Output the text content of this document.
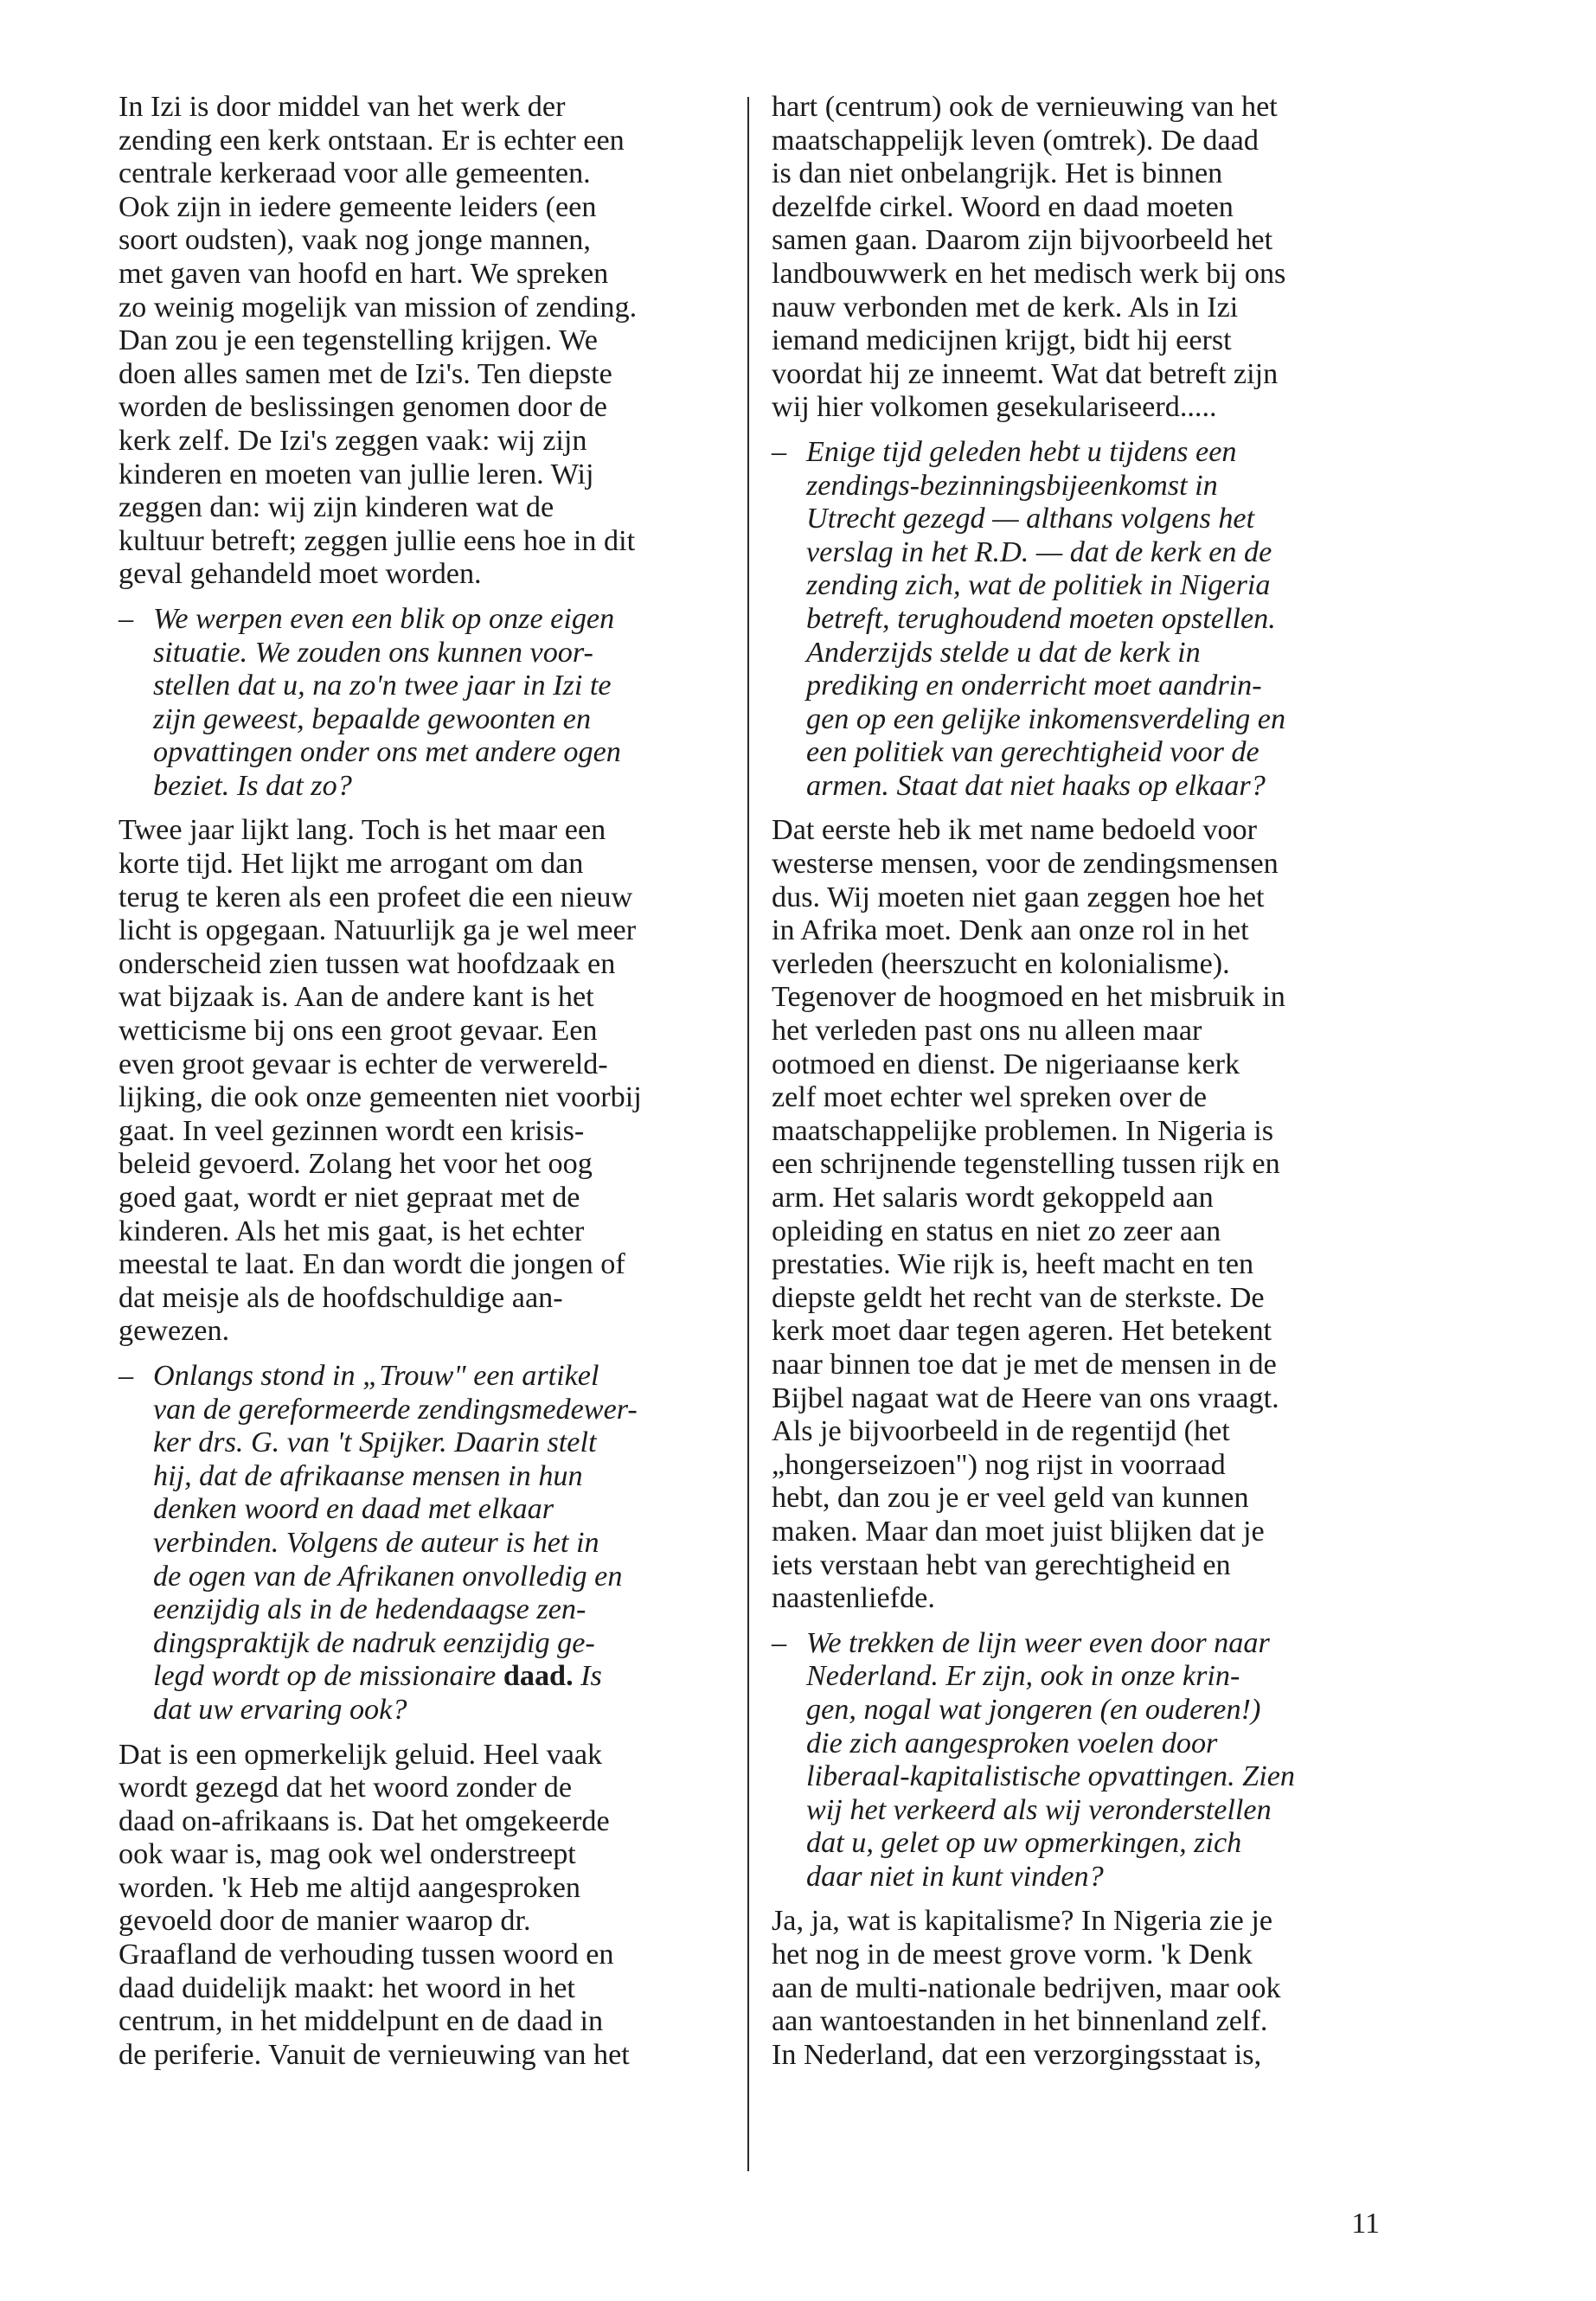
In Izi is door middel van het werk der
zending een kerk ontstaan. Er is echter een
centrale kerkeraad voor alle gemeenten.
Ook zijn in iedere gemeente leiders (een
soort oudsten), vaak nog jonge mannen,
met gaven van hoofd en hart. We spreken
zo weinig mogelijk van mission of zending.
Dan zou je een tegenstelling krijgen. We
doen alles samen met de Izi's. Ten diepste
worden de beslissingen genomen door de
kerk zelf. De Izi's zeggen vaak: wij zijn
kinderen en moeten van jullie leren. Wij
zeggen dan: wij zijn kinderen wat de
kultuur betreft; zeggen jullie eens hoe in dit
geval gehandeld moet worden.

– We werpen even een blik op onze eigen
situatie. We zouden ons kunnen voor-
stellen dat u, na zo'n twee jaar in Izi te
zijn geweest, bepaalde gewoonten en
opvattingen onder ons met andere ogen
beziet. Is dat zo?

Twee jaar lijkt lang. Toch is het maar een
korte tijd. Het lijkt me arrogant om dan
terug te keren als een profeet die een nieuw
licht is opgegaan. Natuurlijk ga je wel meer
onderscheid zien tussen wat hoofdzaak en
wat bijzaak is. Aan de andere kant is het
wetticisme bij ons een groot gevaar. Een
even groot gevaar is echter de verwereld-
lijking, die ook onze gemeenten niet voorbij
gaat. In veel gezinnen wordt een krisis-
beleid gevoerd. Zolang het voor het oog
goed gaat, wordt er niet gepraat met de
kinderen. Als het mis gaat, is het echter
meestal te laat. En dan wordt die jongen of
dat meisje als de hoofdschuldige aan-
gewezen.

– Onlangs stond in „Trouw" een artikel
van de gereformeerde zendingsmedewer-
ker drs. G. van 't Spijker. Daarin stelt
hij, dat de afrikaanse mensen in hun
denken woord en daad met elkaar
verbinden. Volgens de auteur is het in
de ogen van de Afrikanen onvolledig en
eenzijdig als in de hedendaagse zen-
dingspraktijk de nadruk eenzijdig ge-
legd wordt op de missionaire daad. Is
dat uw ervaring ook?

Dat is een opmerkelijk geluid. Heel vaak
wordt gezegd dat het woord zonder de
daad on-afrikaans is. Dat het omgekeerde
ook waar is, mag ook wel onderstreept
worden. 'k Heb me altijd aangesproken
gevoeld door de manier waarop dr.
Graafland de verhouding tussen woord en
daad duidelijk maakt: het woord in het
centrum, in het middelpunt en de daad in
de periferie. Vanuit de vernieuwing van het

hart (centrum) ook de vernieuwing van het
maatschappelijk leven (omtrek). De daad
is dan niet onbelangrijk. Het is binnen
dezelfde cirkel. Woord en daad moeten
samen gaan. Daarom zijn bijvoorbeeld het
landbouwwerk en het medisch werk bij ons
nauw verbonden met de kerk. Als in Izi
iemand medicijnen krijgt, bidt hij eerst
voordat hij ze inneemt. Wat dat betreft zijn
wij hier volkomen gesekulariseerd.....

– Enige tijd geleden hebt u tijdens een
zendings-bezinningsbijeenkomst in
Utrecht gezegd — althans volgens het
verslag in het R.D. — dat de kerk en de
zending zich, wat de politiek in Nigeria
betreft, terughoudend moeten opstellen.
Anderzijds stelde u dat de kerk in
prediking en onderricht moet aandrin-
gen op een gelijke inkomensverdeling en
een politiek van gerechtigheid voor de
armen. Staat dat niet haaks op elkaar?

Dat eerste heb ik met name bedoeld voor
westerse mensen, voor de zendingsmensen
dus. Wij moeten niet gaan zeggen hoe het
in Afrika moet. Denk aan onze rol in het
verleden (heerszucht en kolonialisme).
Tegenover de hoogmoed en het misbruik in
het verleden past ons nu alleen maar
ootmoed en dienst. De nigeriaanse kerk
zelf moet echter wel spreken over de
maatschappelijke problemen. In Nigeria is
een schrijnende tegenstelling tussen rijk en
arm. Het salaris wordt gekoppeld aan
opleiding en status en niet zo zeer aan
prestaties. Wie rijk is, heeft macht en ten
diepste geldt het recht van de sterkste. De
kerk moet daar tegen ageren. Het betekent
naar binnen toe dat je met de mensen in de
Bijbel nagaat wat de Heere van ons vraagt.
Als je bijvoorbeeld in de regentijd (het
„hongerseizoen") nog rijst in voorraad
hebt, dan zou je er veel geld van kunnen
maken. Maar dan moet juist blijken dat je
iets verstaan hebt van gerechtigheid en
naastenliefde.

– We trekken de lijn weer even door naar
Nederland. Er zijn, ook in onze krin-
gen, nogal wat jongeren (en ouderen!)
die zich aangesproken voelen door
liberaal-kapitalistische opvattingen. Zien
wij het verkeerd als wij veronderstellen
dat u, gelet op uw opmerkingen, zich
daar niet in kunt vinden?

Ja, ja, wat is kapitalisme? In Nigeria zie je
het nog in de meest grove vorm. 'k Denk
aan de multi-nationale bedrijven, maar ook
aan wantoestanden in het binnenland zelf.
In Nederland, dat een verzorgingsstaat is,

11
